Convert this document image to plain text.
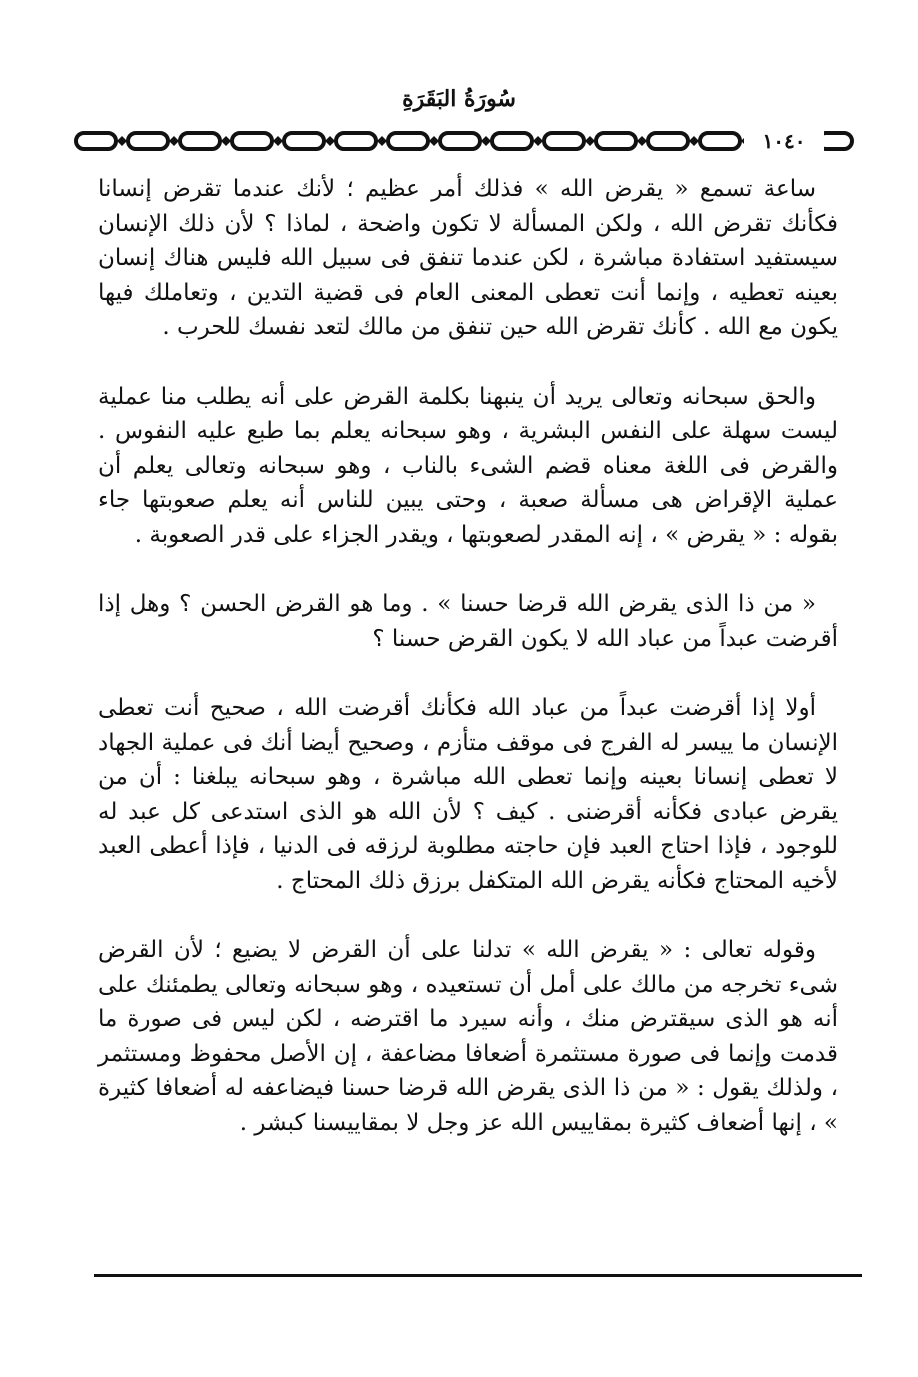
سُورَةُ البَقَرَةِ
١٠٤٠

ساعة تسمع « يقرض الله » فذلك أمر عظيم ؛ لأنك عندما تقرض إنسانا فكأنك تقرض الله ، ولكن المسألة لا تكون واضحة ، لماذا ؟ لأن ذلك الإنسان سيستفيد استفادة مباشرة ، لكن عندما تنفق فى سبيل الله فليس هناك إنسان بعينه تعطيه ، وإنما أنت تعطى المعنى العام فى قضية التدين ، وتعاملك فيها يكون مع الله . كأنك تقرض الله حين تنفق من مالك لتعد نفسك للحرب .

والحق سبحانه وتعالى يريد أن ينبهنا بكلمة القرض على أنه يطلب منا عملية ليست سهلة على النفس البشرية ، وهو سبحانه يعلم بما طبع عليه النفوس . والقرض فى اللغة معناه قضم الشىء بالناب ، وهو سبحانه وتعالى يعلم أن عملية الإقراض هى مسألة صعبة ، وحتى يبين للناس أنه يعلم صعوبتها جاء بقوله : « يقرض » ، إنه المقدر لصعوبتها ، ويقدر الجزاء على قدر الصعوبة .

« من ذا الذى يقرض الله قرضا حسنا » . وما هو القرض الحسن ؟ وهل إذا أقرضت عبداً من عباد الله لا يكون القرض حسنا ؟

أولا إذا أقرضت عبداً من عباد الله فكأنك أقرضت الله ، صحيح أنت تعطى الإنسان ما ييسر له الفرج فى موقف متأزم ، وصحيح أيضا أنك فى عملية الجهاد لا تعطى إنسانا بعينه وإنما تعطى الله مباشرة ، وهو سبحانه يبلغنا : أن من يقرض عبادى فكأنه أقرضنى . كيف ؟ لأن الله هو الذى استدعى كل عبد له للوجود ، فإذا احتاج العبد فإن حاجته مطلوبة لرزقه فى الدنيا ، فإذا أعطى العبد لأخيه المحتاج فكأنه يقرض الله المتكفل برزق ذلك المحتاج .

وقوله تعالى : « يقرض الله » تدلنا على أن القرض لا يضيع ؛ لأن القرض شىء تخرجه من مالك على أمل أن تستعيده ، وهو سبحانه وتعالى يطمئنك على أنه هو الذى سيقترض منك ، وأنه سيرد ما اقترضه ، لكن ليس فى صورة ما قدمت وإنما فى صورة مستثمرة أضعافا مضاعفة ، إن الأصل محفوظ ومستثمر ، ولذلك يقول : « من ذا الذى يقرض الله قرضا حسنا فيضاعفه له أضعافا كثيرة » ، إنها أضعاف كثيرة بمقاييس الله عز وجل لا بمقاييسنا كبشر .
